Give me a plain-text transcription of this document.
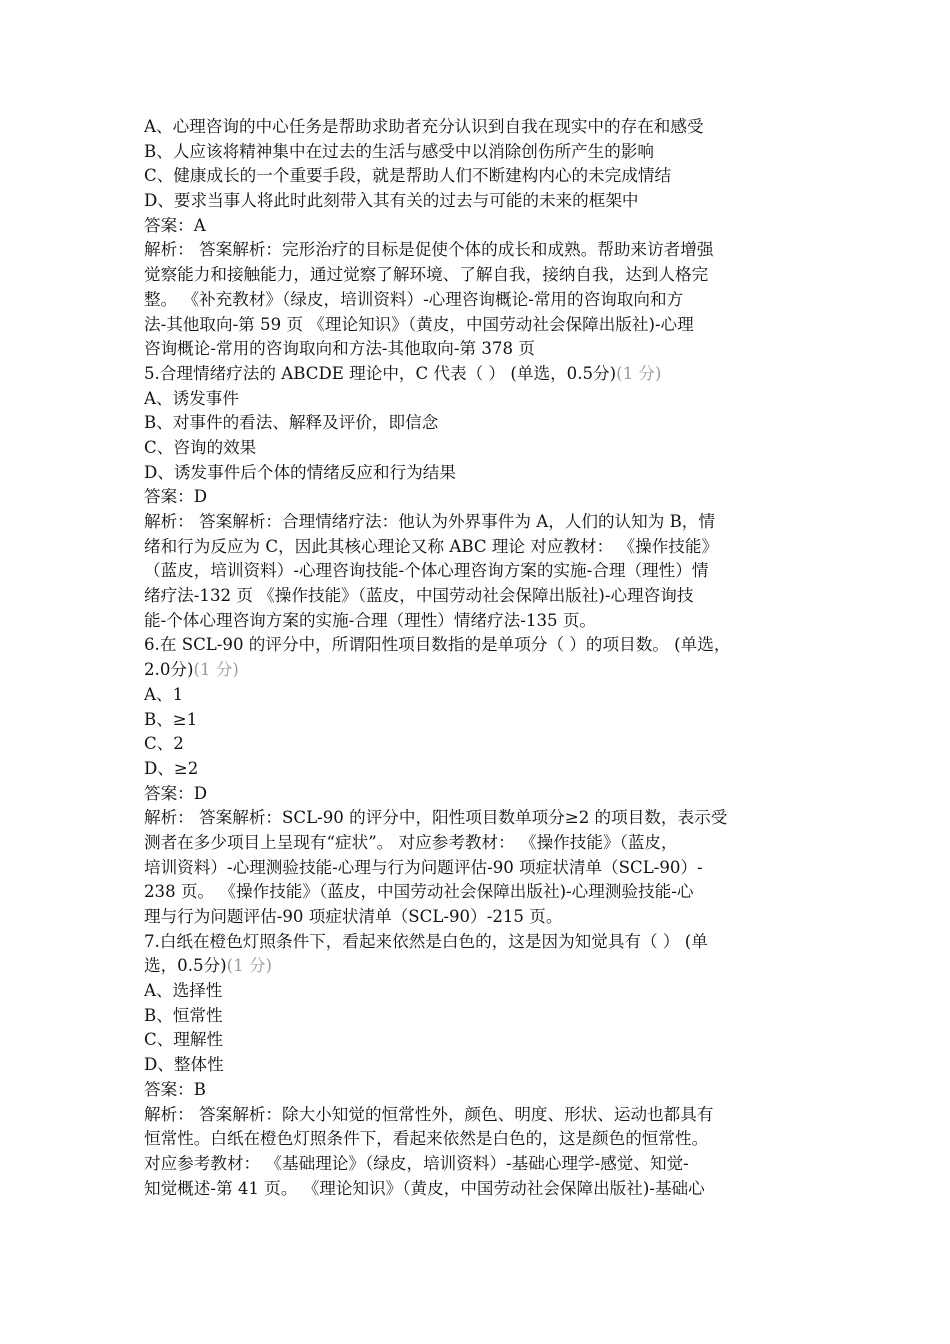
A、心理咨询的中心任务是帮助求助者充分认识到自我在现实中的存在和感受
B、人应该将精神集中在过去的生活与感受中以消除创伤所产生的影响
C、健康成长的一个重要手段，就是帮助人们不断建构内心的未完成情结
D、要求当事人将此时此刻带入其有关的过去与可能的未来的框架中
答案：A
解析： 答案解析：完形治疗的目标是促使个体的成长和成熟。帮助来访者增强
觉察能力和接触能力，通过觉察了解环境、了解自我，接纳自我，达到人格完
整。 《补充教材》（绿皮，培训资料）-心理咨询概论-常用的咨询取向和方
法-其他取向-第 59 页 《理论知识》（黄皮，中国劳动社会保障出版社)-心理
咨询概论-常用的咨询取向和方法-其他取向-第 378 页
5.合理情绪疗法的 ABCDE 理论中，C 代表（ ） (单选，0.5分)(1 分)
A、诱发事件
B、对事件的看法、解释及评价，即信念
C、咨询的效果
D、诱发事件后个体的情绪反应和行为结果
答案：D
解析： 答案解析：合理情绪疗法：他认为外界事件为 A，人们的认知为 B，情
绪和行为反应为 C，因此其核心理论又称 ABC 理论 对应教材： 《操作技能》
（蓝皮，培训资料）-心理咨询技能-个体心理咨询方案的实施-合理（理性）情
绪疗法-132 页 《操作技能》（蓝皮，中国劳动社会保障出版社)-心理咨询技
能-个体心理咨询方案的实施-合理（理性）情绪疗法-135 页。
6.在 SCL-90 的评分中，所谓阳性项目数指的是单项分（ ）的项目数。 (单选，
2.0分)(1 分)
A、1
B、≥1
C、2
D、≥2
答案：D
解析： 答案解析：SCL-90 的评分中，阳性项目数单项分≥2 的项目数，表示受
测者在多少项目上呈现有“症状”。 对应参考教材： 《操作技能》（蓝皮，
培训资料）-心理测验技能-心理与行为问题评估-90 项症状清单（SCL-90）-
238 页。 《操作技能》（蓝皮，中国劳动社会保障出版社)-心理测验技能-心
理与行为问题评估-90 项症状清单（SCL-90）-215 页。
7.白纸在橙色灯照条件下，看起来依然是白色的，这是因为知觉具有（ ） (单
选，0.5分)(1 分)
A、选择性
B、恒常性
C、理解性
D、整体性
答案：B
解析： 答案解析：除大小知觉的恒常性外，颜色、明度、形状、运动也都具有
恒常性。白纸在橙色灯照条件下，看起来依然是白色的，这是颜色的恒常性。
对应参考教材： 《基础理论》（绿皮，培训资料）-基础心理学-感觉、知觉-
知觉概述-第 41 页。 《理论知识》（黄皮，中国劳动社会保障出版社)-基础心
